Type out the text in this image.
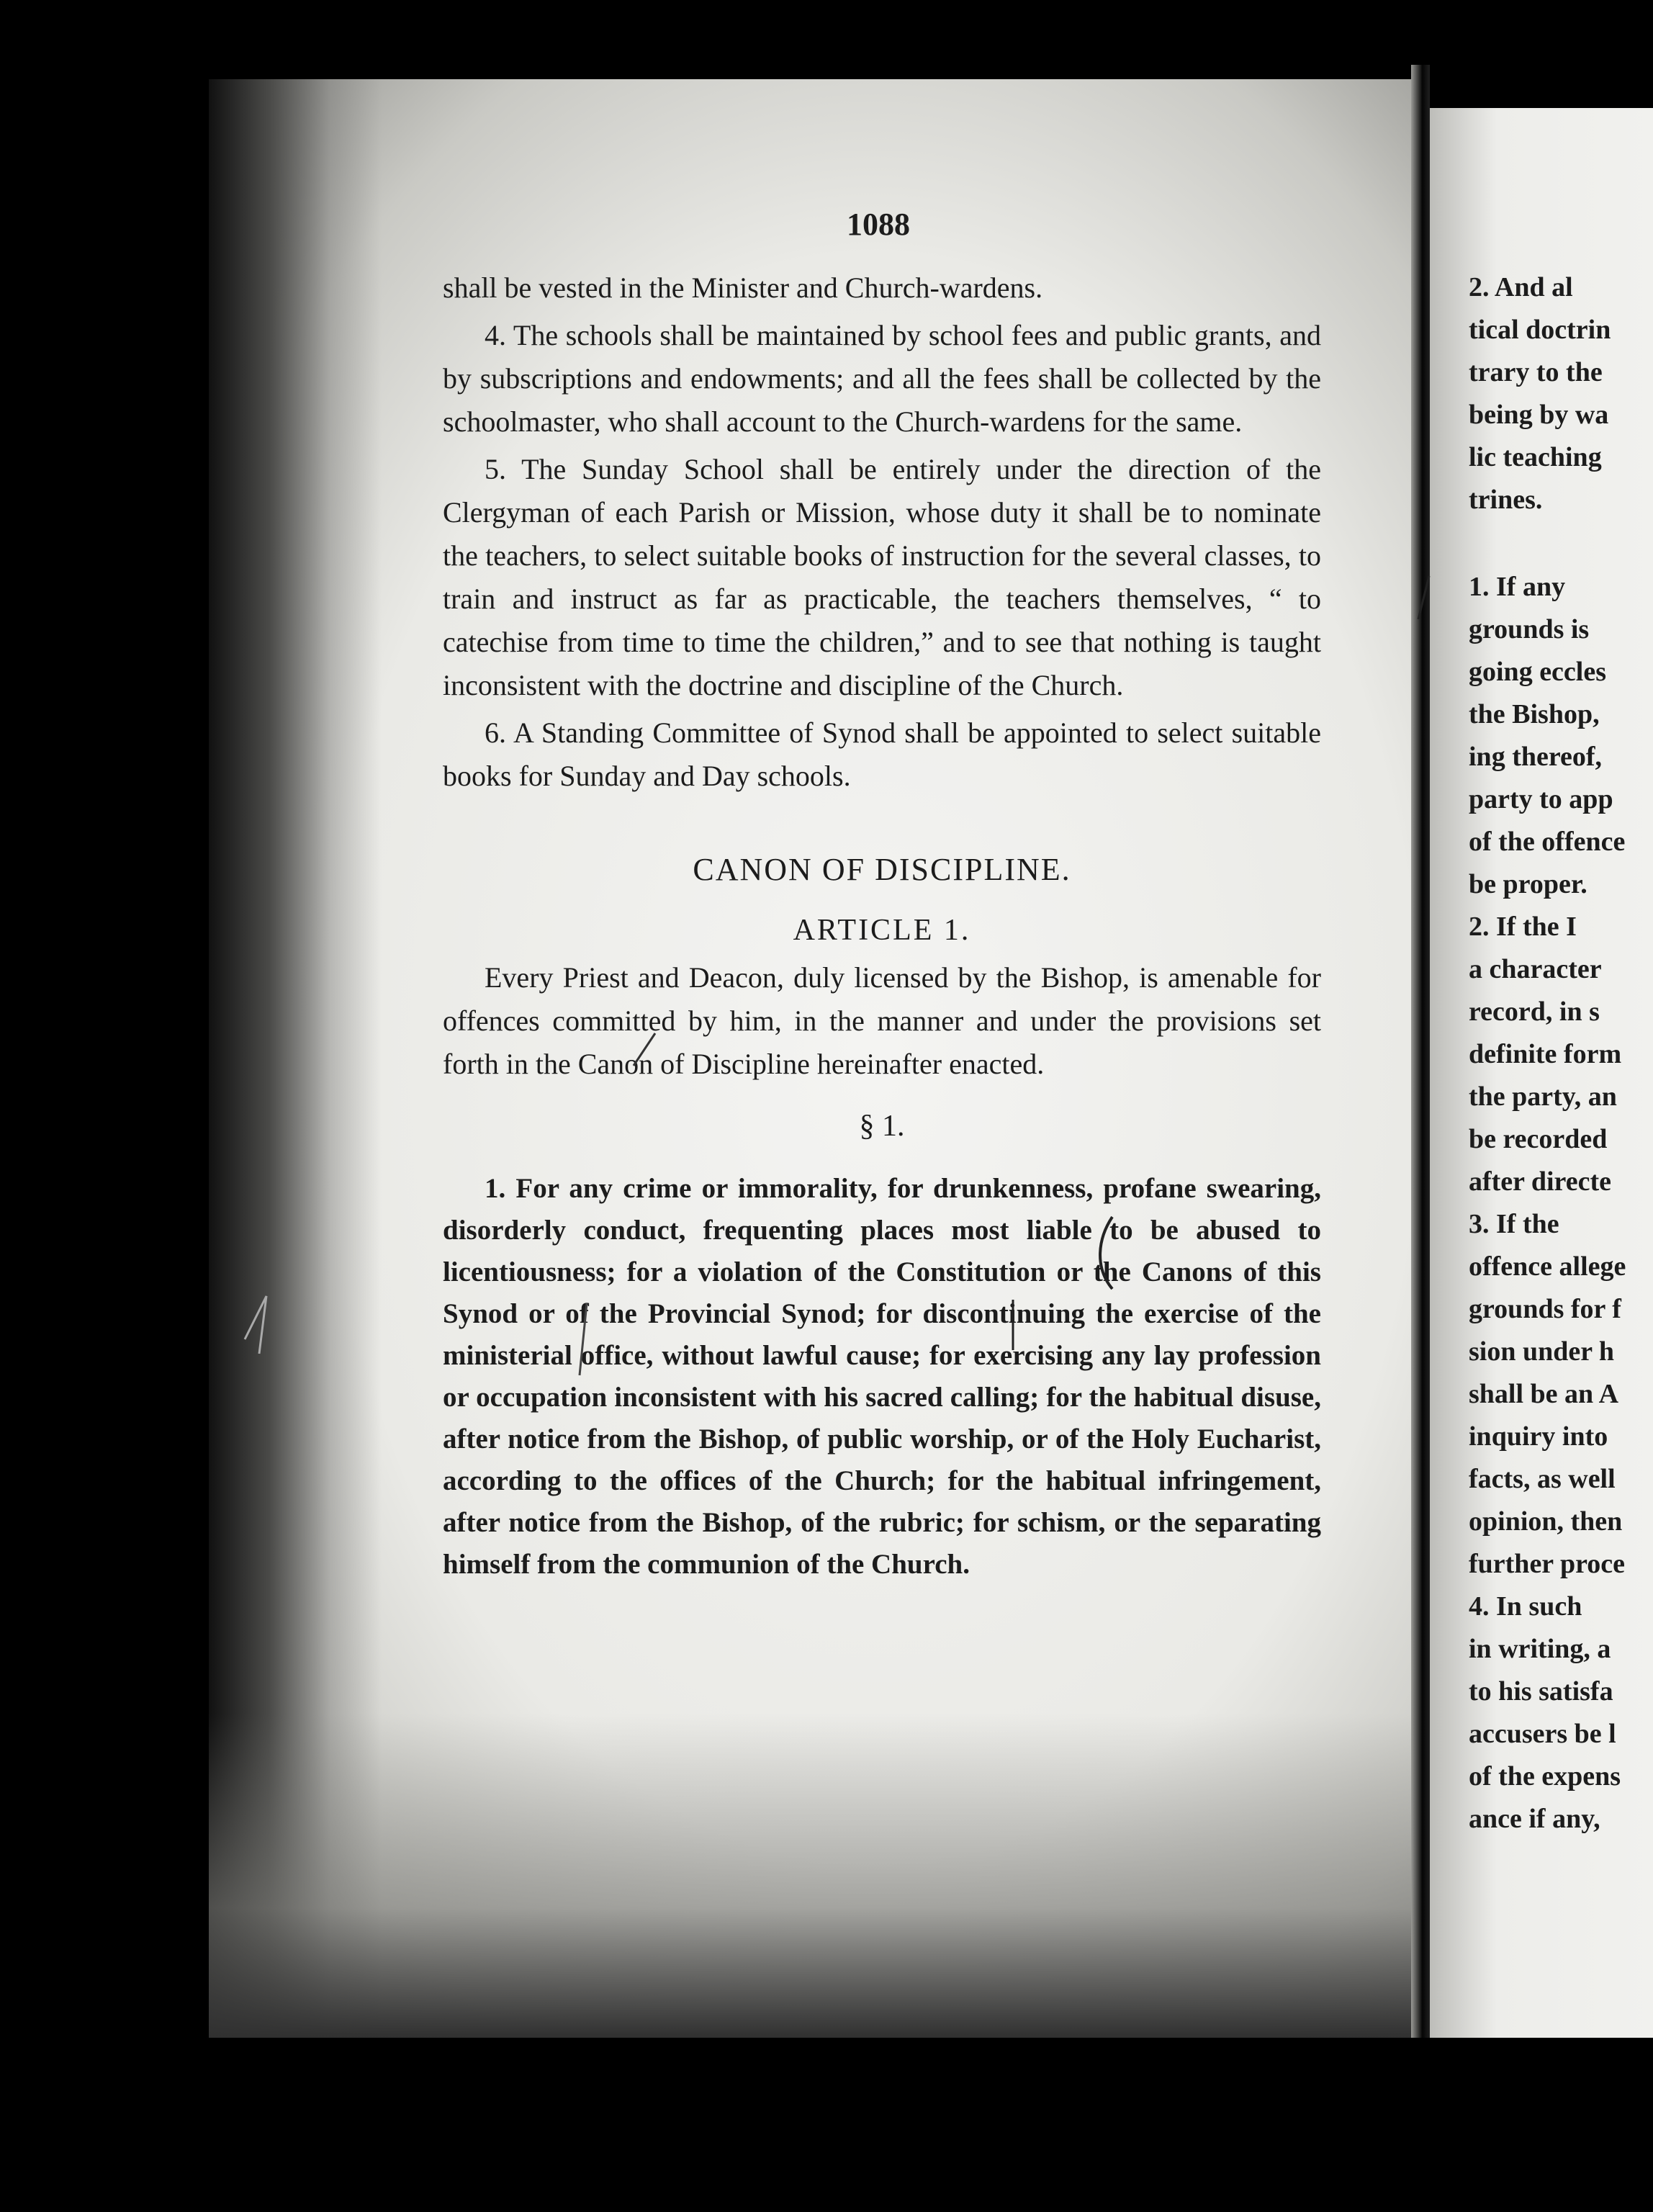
1088

shall be vested in the Minister and Church-wardens.

4. The schools shall be maintained by school fees and public grants, and by subscriptions and endowments; and all the fees shall be collected by the schoolmaster, who shall account to the Church-wardens for the same.

5. The Sunday School shall be entirely under the direction of the Clergyman of each Parish or Mission, whose duty it shall be to nominate the teachers, to select suitable books of instruction for the several classes, to train and instruct as far as practicable, the teachers themselves, “ to catechise from time to time the children,” and to see that nothing is taught inconsistent with the doctrine and discipline of the Church.

6. A Standing Committee of Synod shall be appointed to select suitable books for Sunday and Day schools.

CANON OF DISCIPLINE.

ARTICLE 1.

Every Priest and Deacon, duly licensed by the Bishop, is amenable for offences committed by him, in the manner and under the provisions set forth in the Canon of Discipline hereinafter enacted.

§ 1.

1. For any crime or immorality, for drunkenness, profane swearing, disorderly conduct, frequenting places most liable to be abused to licentiousness; for a violation of the Constitution or the Canons of this Synod or of the Provincial Synod; for discontinuing the exercise of the ministerial office, without lawful cause; for exercising any lay profession or occupation inconsistent with his sacred calling; for the habitual disuse, after notice from the Bishop, of public worship, or of the Holy Eucharist, according to the offices of the Church; for the habitual infringement, after notice from the Bishop, of the rubric; for schism, or the separating himself from the communion of the Church.

2. And al

tical doctrin

trary to the

being by wa

lic teaching

trines.

1. If any

grounds is

going eccles

the Bishop,

ing thereof,

party to app

of the offence

be proper.

2. If the I

a character

record, in s

definite form

the party, an

be recorded

after directe

3. If the

offence allege

grounds for f

sion under h

shall be an A

inquiry into

facts, as well

opinion, then

further proce

4. In such

in writing, a

to his satisfa

accusers be l

of the expens

ance if any,
